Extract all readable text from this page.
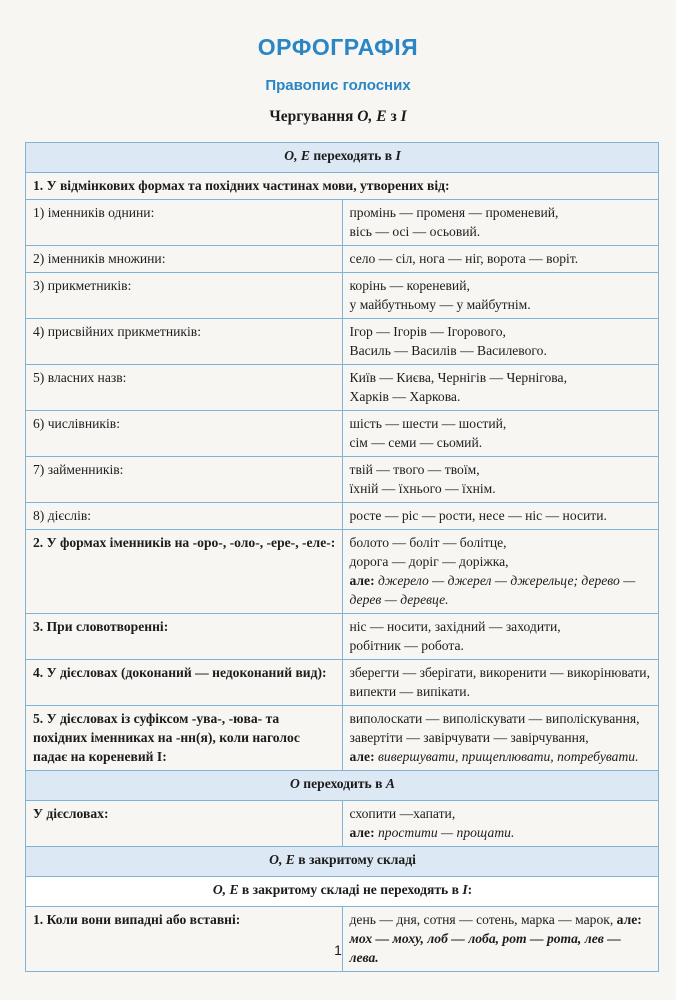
ОРФОГРАФІЯ
Правопис голосних
Чергування О, Е з І
О, Е переходять в І	
1. У відмінкових формах та похідних частинах мови, утворених від:	
1) іменників однини:	промінь — променя — променевий,
вісь — осі — осьовий.

2) іменників множини:	село — сіл, нога — ніг, ворота — воріт.

3) прикметників:	корінь — кореневий,
у майбутньому — у майбутнім.

4) присвійних прикметників:	Ігор — Ігорів — Ігорового,
Василь — Василів — Василевого.

5) власних назв:	Київ — Києва, Чернігів — Чернігова,
Харків — Харкова.

6) числівників:	шість — шести — шостий,
сім — семи — сьомий.

7) займенників:	твій — твого — твоїм,
їхній — їхнього — їхнім.

8) дієслів:	росте — ріс — рости, несе — ніс — носити.

2. У формах іменників на -оро-, -оло-, -ере-, -еле-:	болото — боліт — болітце,
дорога — доріг — доріжка,
але: джерело — джерел — джерельце; дерево — дерев — деревце.
3. При словотворенні:	ніс — носити, західний — заходити,
робітник — робота.

4. У дієсловах (доконаний — недоконаний вид):	зберегти — зберігати, викоренити — викорінювати, випекти — випікати.

5. У дієсловах із суфіксом -ува-, -юва- та похідних іменниках на -нн(я), коли наголос падає на кореневий І:	виполоскати — виполіскувати — виполіскування,
завертіти — завірчувати — завірчування,
але: вивершувати, прищеплювати, потребувати.
О переходить в А	
У дієсловах:	схопити —хапати,
але: простити — прощати.
О, Е в закритому складі	
О, Е в закритому складі не переходять в І:	
1. Коли вони випадні або вставні:	день — дня, сотня — сотень, марка — марок, але: мох — моху, лоб — лоба, рот — рота, лев — лева.
1
